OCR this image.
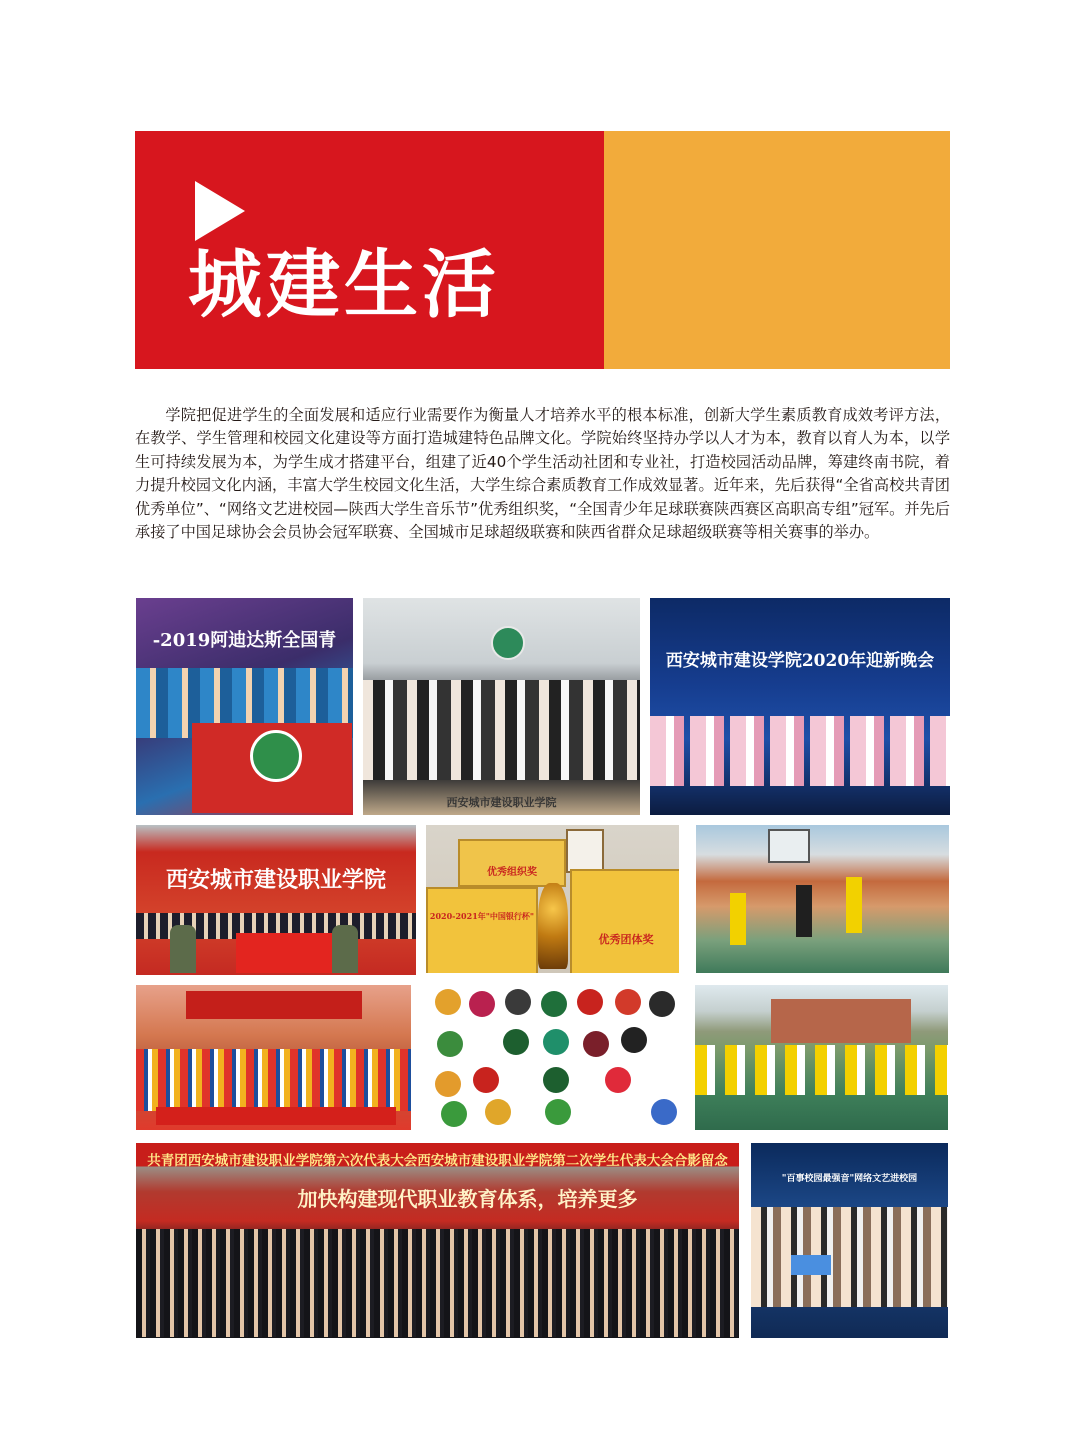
城建生活

学院把促进学生的全面发展和适应行业需要作为衡量人才培养水平的根本标准，创新大学生素质教育成效考评方法，在教学、学生管理和校园文化建设等方面打造城建特色品牌文化。学院始终坚持办学以人才为本，教育以育人为本，以学生可持续发展为本，为学生成才搭建平台，组建了近40个学生活动社团和专业社，打造校园活动品牌，筹建终南书院，着力提升校园文化内涵，丰富大学生校园文化生活，大学生综合素质教育工作成效显著。近年来，先后获得“全省高校共青团优秀单位”、“网络文艺进校园—陕西大学生音乐节”优秀组织奖，“全国青少年足球联赛陕西赛区高职高专组”冠军。并先后承接了中国足球协会会员协会冠军联赛、全国城市足球超级联赛和陕西省群众足球超级联赛等相关赛事的举办。

-2019阿迪达斯全国青
西安城市建设职业学院
西安城市建设学院2020年迎新晚会
西安城市建设职业学院	优秀组织奖
2020-2021年"中国银行杯"
优秀团体奖
共青团西安城市建设职业学院第六次代表大会西安城市建设职业学院第二次学生代表大会合影留念
加快构建现代职业教育体系，培养更多
"百事校园最强音"网络文艺进校园
